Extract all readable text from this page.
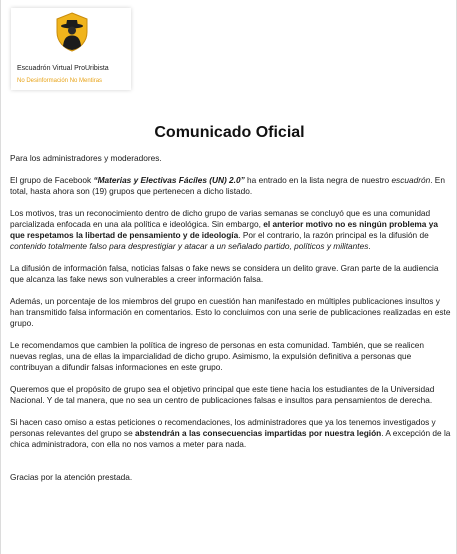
Escuadrón Virtual ProUribista
No Desinformación No Mentiras
Comunicado Oficial

Para los administradores y moderadores.

El grupo de Facebook “Materias y Electivas Fácíles (UN) 2.0” ha entrado en la lista negra de nuestro escuadrón. En total, hasta ahora son (19) grupos que pertenecen a dicho listado.

Los motivos, tras un reconocimiento dentro de dicho grupo de varias semanas se concluyó que es una comunidad parcializada enfocada en una ala política e ideológica. Sin embargo, el anterior motivo no es ningún problema ya que respetamos la libertad de pensamiento y de ideología. Por el contrario, la razón principal es la difusión de contenido totalmente falso para desprestigiar y atacar a un señalado partido, políticos y militantes.

La difusión de información falsa, noticias falsas o fake news se considera un delito grave. Gran parte de la audiencia que alcanza las fake news son vulnerables a creer información falsa.

Además, un porcentaje de los miembros del grupo en cuestión han manifestado en múltiples publicaciones insultos y han transmitido falsa información en comentarios. Esto lo concluimos con una serie de publicaciones realizadas en este grupo.

Le recomendamos que cambien la política de ingreso de personas en esta comunidad. También, que se realicen nuevas reglas, una de ellas la imparcialidad de dicho grupo. Asimismo, la expulsión definitiva a personas que contribuyan a difundir falsas informaciones en este grupo.

Queremos que el propósito de grupo sea el objetivo principal que este tiene hacia los estudiantes de la Universidad Nacional. Y de tal manera, que no sea un centro de publicaciones falsas e insultos para pensamientos de derecha.

Si hacen caso omiso a estas peticiones o recomendaciones, los administradores que ya los tenemos investigados y personas relevantes del grupo se abstendrán a las consecuencias impartidas por nuestra legión. A excepción de la chica administradora, con ella no nos vamos a meter para nada.

Gracias por la atención prestada.
